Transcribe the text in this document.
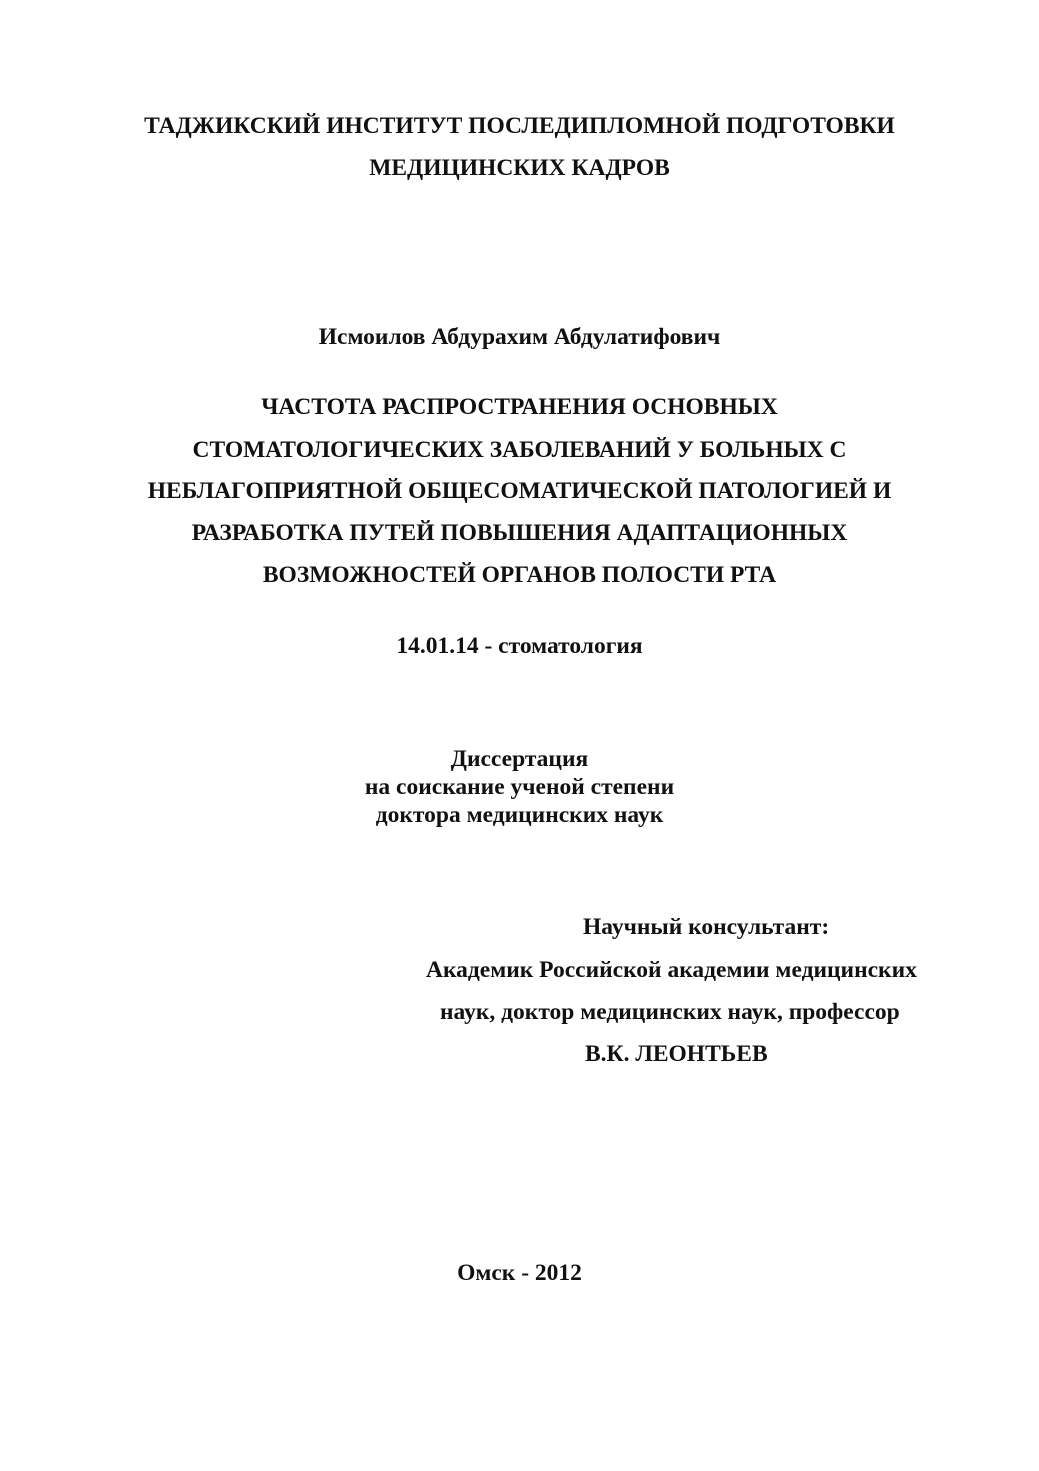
ТАДЖИКСКИЙ ИНСТИТУТ ПОСЛЕДИПЛОМНОЙ ПОДГОТОВКИ
МЕДИЦИНСКИХ КАДРОВ
Исмоилов Абдурахим Абдулатифович
ЧАСТОТА РАСПРОСТРАНЕНИЯ ОСНОВНЫХ
СТОМАТОЛОГИЧЕСКИХ ЗАБОЛЕВАНИЙ У БОЛЬНЫХ С
НЕБЛАГОПРИЯТНОЙ ОБЩЕСОМАТИЧЕСКОЙ ПАТОЛОГИЕЙ И
РАЗРАБОТКА ПУТЕЙ ПОВЫШЕНИЯ АДАПТАЦИОННЫХ
ВОЗМОЖНОСТЕЙ ОРГАНОВ ПОЛОСТИ РТА
14.01.14 - стоматология
Диссертация
на соискание ученой степени
доктора медицинских наук
Научный консультант:
Академик Российской академии медицинских
наук, доктор медицинских наук, профессор
В.К. ЛЕОНТЬЕВ
Омск - 2012
